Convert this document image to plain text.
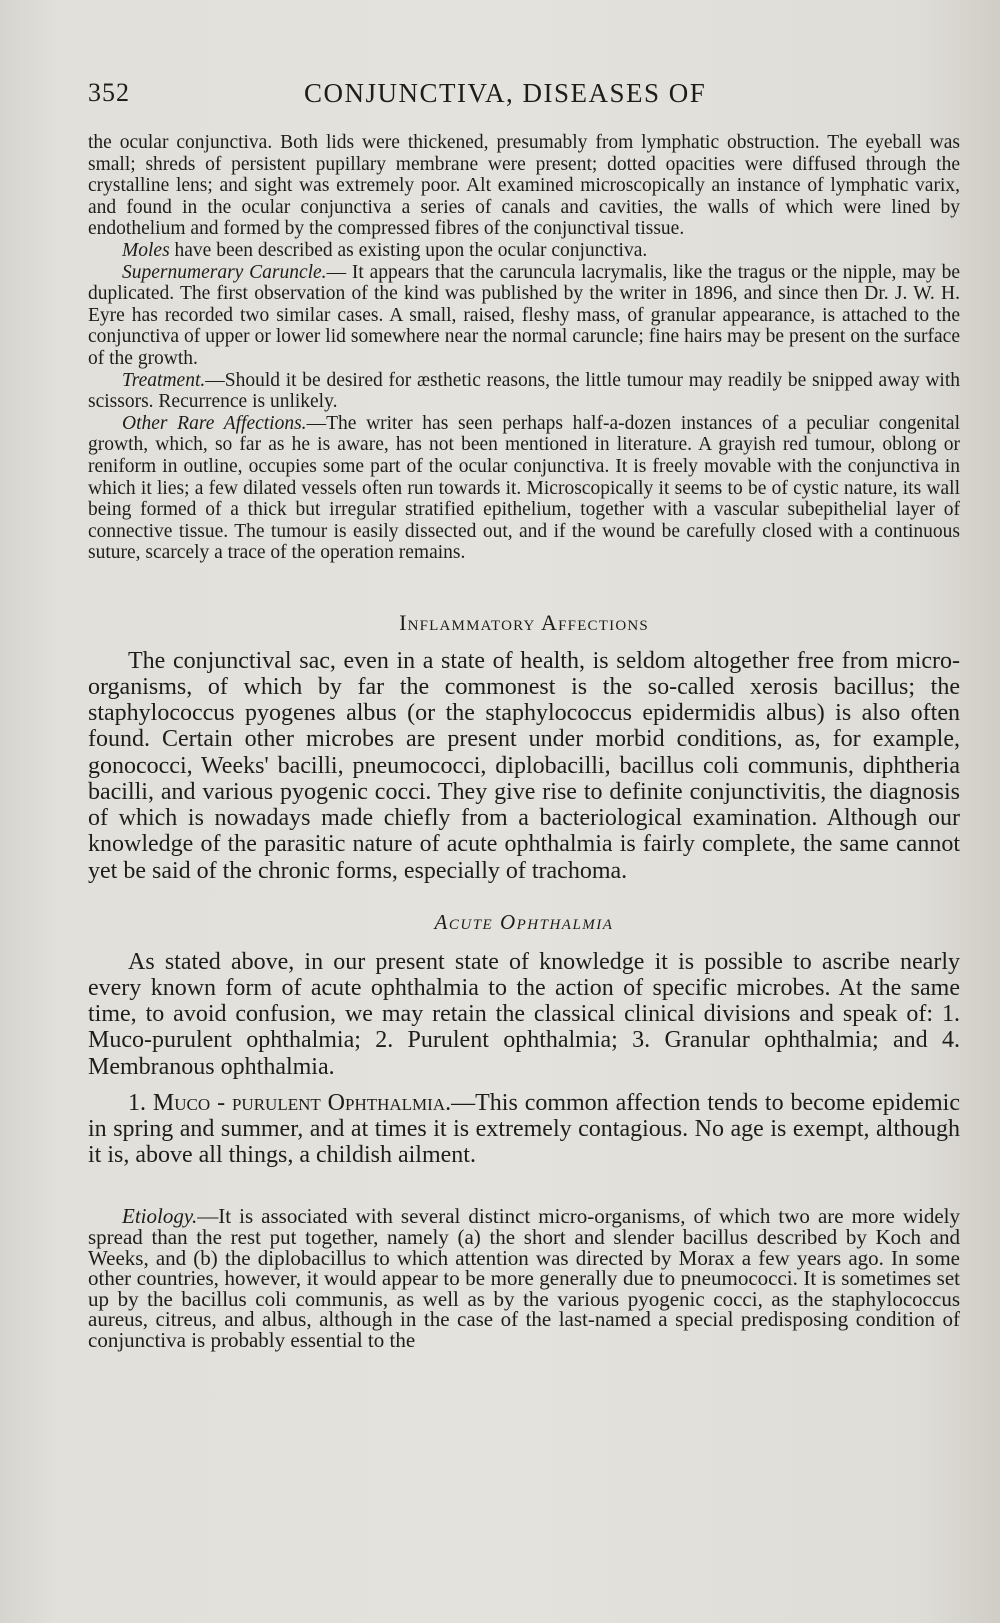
352	CONJUNCTIVA, DISEASES OF

the ocular conjunctiva. Both lids were thickened, presumably from lymphatic obstruction. The eyeball was small; shreds of persistent pupillary membrane were present; dotted opacities were diffused through the crystalline lens; and sight was extremely poor. Alt examined microscopically an instance of lymphatic varix, and found in the ocular conjunctiva a series of canals and cavities, the walls of which were lined by endothelium and formed by the compressed fibres of the conjunctival tissue.

Moles have been described as existing upon the ocular conjunctiva.

Supernumerary Caruncle.— It appears that the caruncula lacrymalis, like the tragus or the nipple, may be duplicated. The first observation of the kind was published by the writer in 1896, and since then Dr. J. W. H. Eyre has recorded two similar cases. A small, raised, fleshy mass, of granular appearance, is attached to the conjunctiva of upper or lower lid somewhere near the normal caruncle; fine hairs may be present on the surface of the growth.

Treatment.—Should it be desired for æsthetic reasons, the little tumour may readily be snipped away with scissors. Recurrence is unlikely.

Other Rare Affections.—The writer has seen perhaps half-a-dozen instances of a peculiar congenital growth, which, so far as he is aware, has not been mentioned in literature. A grayish red tumour, oblong or reniform in outline, occupies some part of the ocular conjunctiva. It is freely movable with the conjunctiva in which it lies; a few dilated vessels often run towards it. Microscopically it seems to be of cystic nature, its wall being formed of a thick but irregular stratified epithelium, together with a vascular subepithelial layer of connective tissue. The tumour is easily dissected out, and if the wound be carefully closed with a continuous suture, scarcely a trace of the operation remains.

Inflammatory Affections

The conjunctival sac, even in a state of health, is seldom altogether free from micro-organisms, of which by far the commonest is the so-called xerosis bacillus; the staphylococcus pyogenes albus (or the staphylococcus epidermidis albus) is also often found. Certain other microbes are present under morbid conditions, as, for example, gonococci, Weeks' bacilli, pneumococci, diplobacilli, bacillus coli communis, diphtheria bacilli, and various pyogenic cocci. They give rise to definite conjunctivitis, the diagnosis of which is nowadays made chiefly from a bacteriological examination. Although our knowledge of the parasitic nature of acute ophthalmia is fairly complete, the same cannot yet be said of the chronic forms, especially of trachoma.

Acute Ophthalmia

As stated above, in our present state of knowledge it is possible to ascribe nearly every known form of acute ophthalmia to the action of specific microbes. At the same time, to avoid confusion, we may retain the classical clinical divisions and speak of: 1. Muco-purulent ophthalmia; 2. Purulent ophthalmia; 3. Granular ophthalmia; and 4. Membranous ophthalmia.

1. Muco - purulent Ophthalmia.—This common affection tends to become epidemic in spring and summer, and at times it is extremely contagious. No age is exempt, although it is, above all things, a childish ailment.

Etiology.—It is associated with several distinct micro-organisms, of which two are more widely spread than the rest put together, namely (a) the short and slender bacillus described by Koch and Weeks, and (b) the diplobacillus to which attention was directed by Morax a few years ago. In some other countries, however, it would appear to be more generally due to pneumococci. It is sometimes set up by the bacillus coli communis, as well as by the various pyogenic cocci, as the staphylococcus aureus, citreus, and albus, although in the case of the last-named a special predisposing condition of conjunctiva is probably essential to the
